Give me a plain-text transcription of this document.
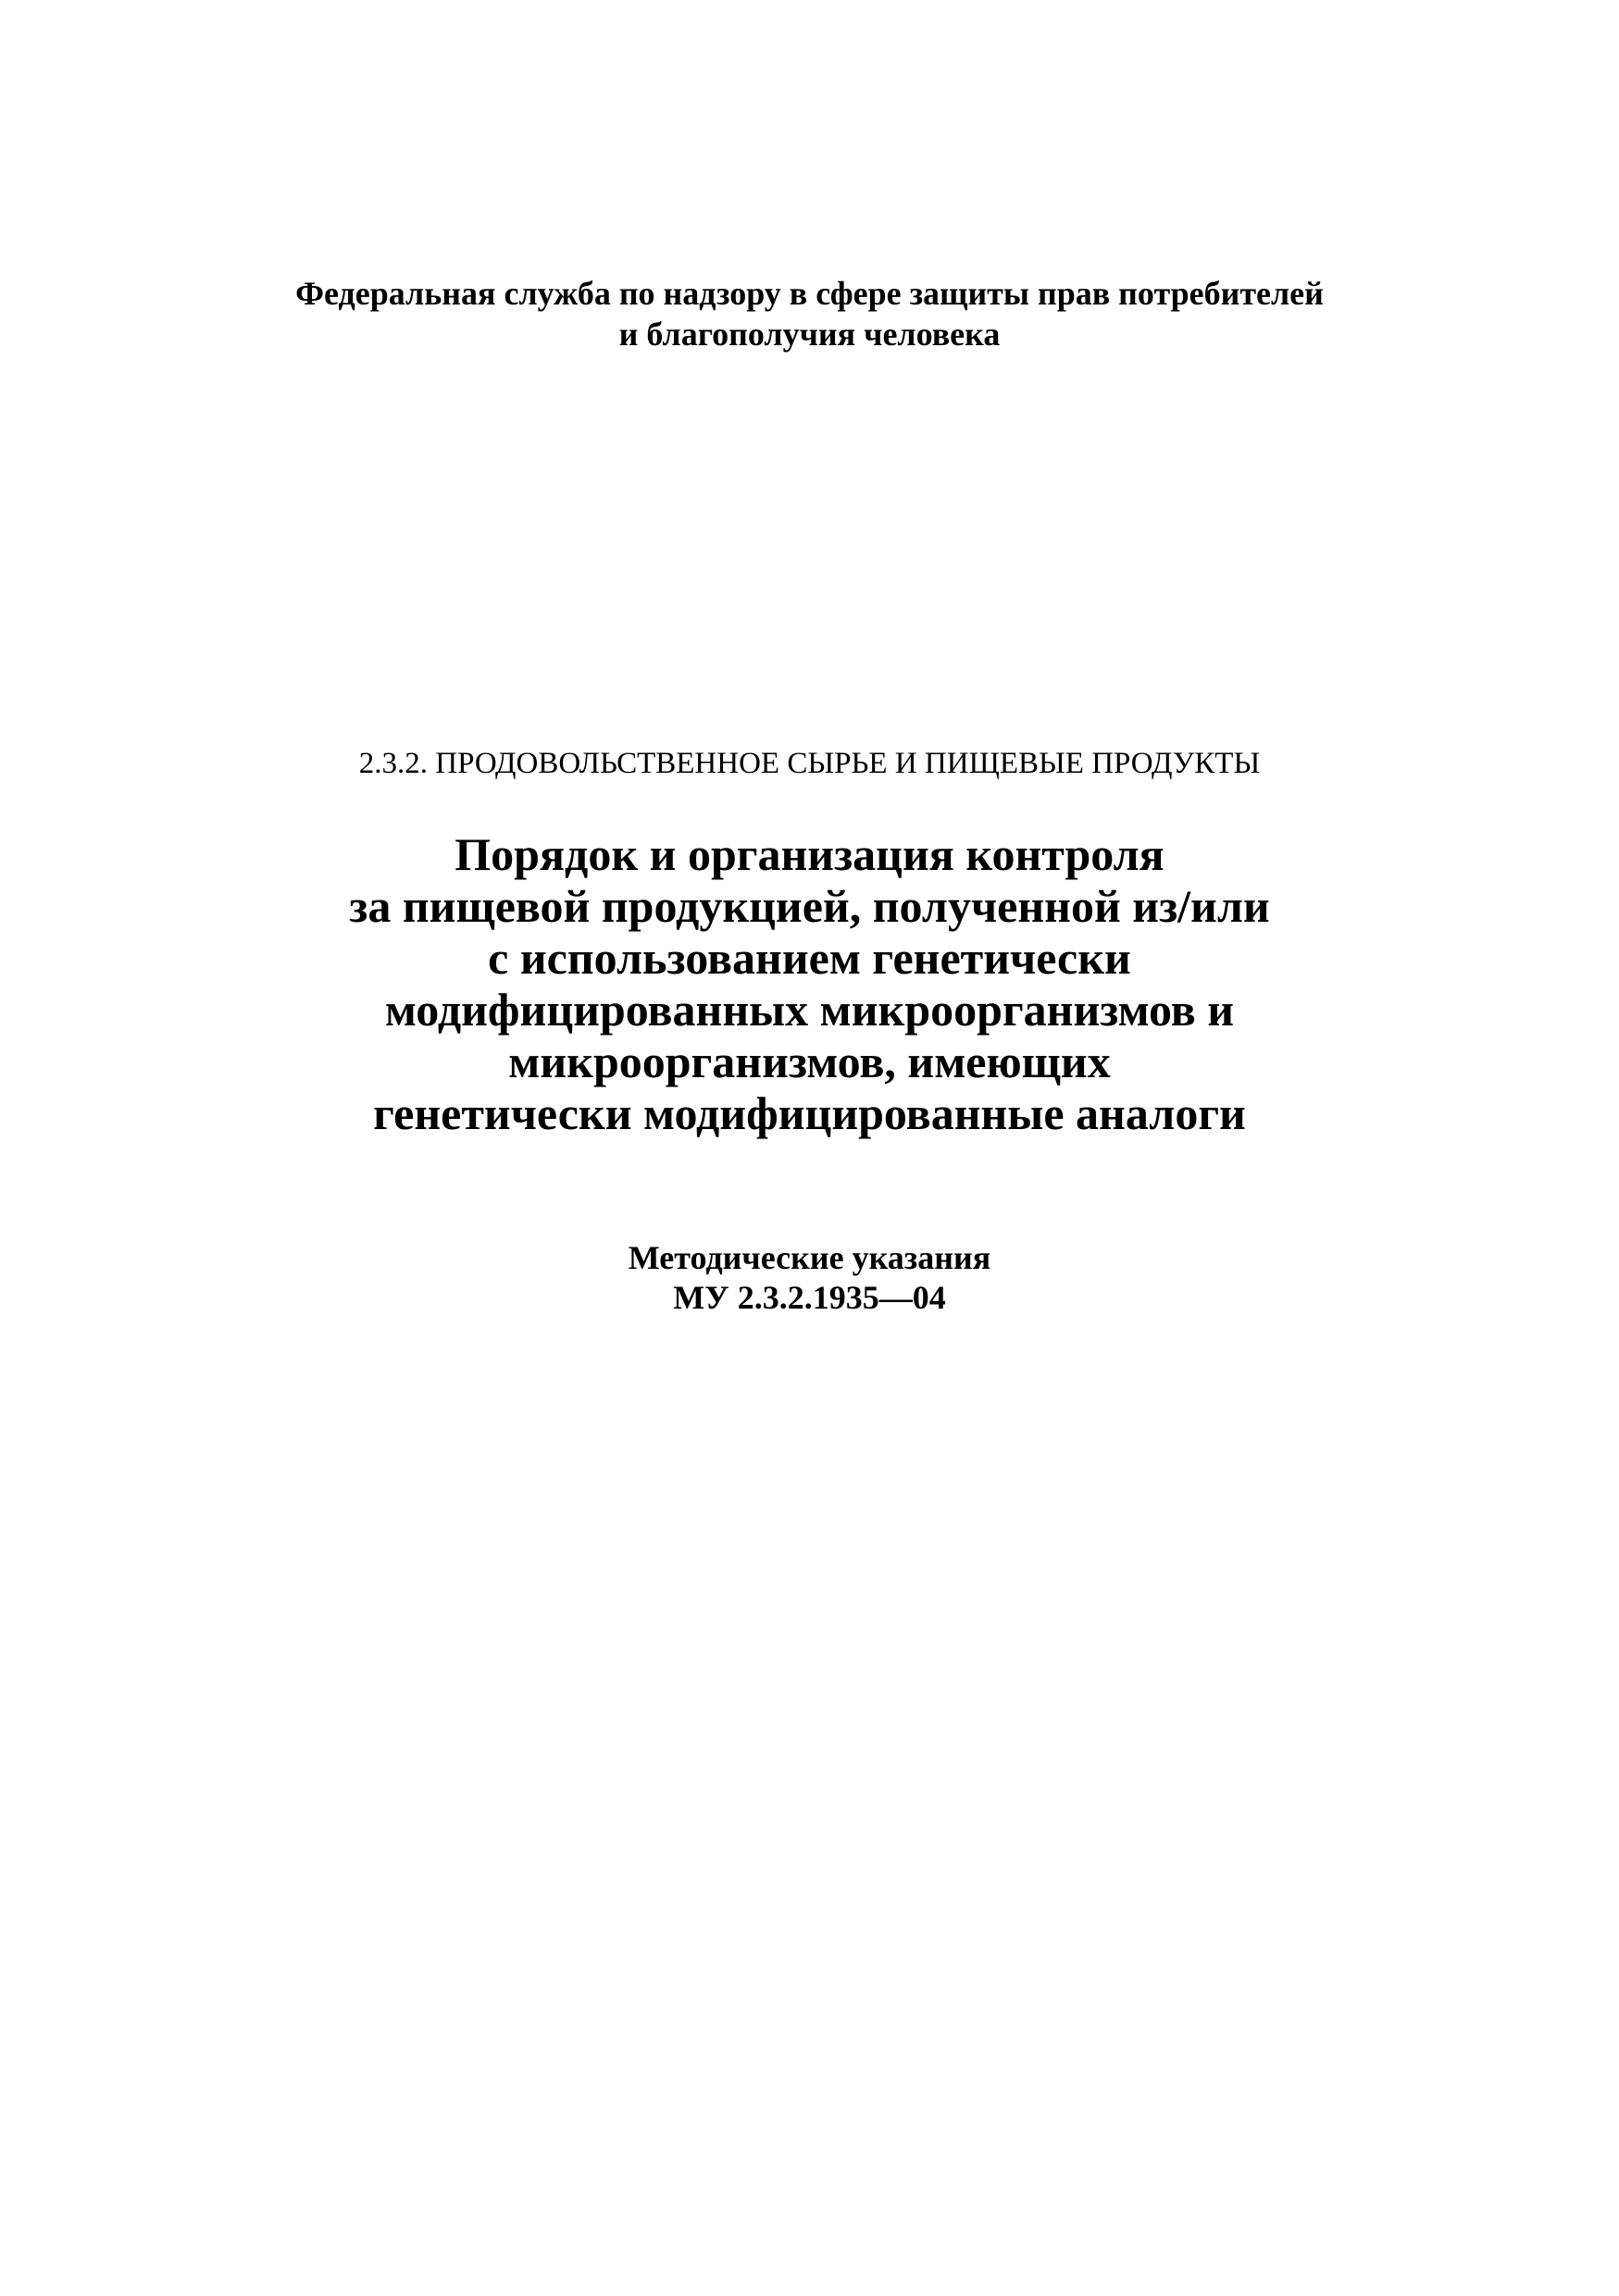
Федеральная служба по надзору в сфере защиты прав потребителей
и благополучия человека
2.3.2. ПРОДОВОЛЬСТВЕННОЕ СЫРЬЕ И ПИЩЕВЫЕ ПРОДУКТЫ
Порядок и организация контроля
за пищевой продукцией, полученной из/или
с использованием генетически
модифицированных микроорганизмов и
микроорганизмов, имеющих
генетически модифицированные аналоги
Методические указания
МУ 2.3.2.1935—04
